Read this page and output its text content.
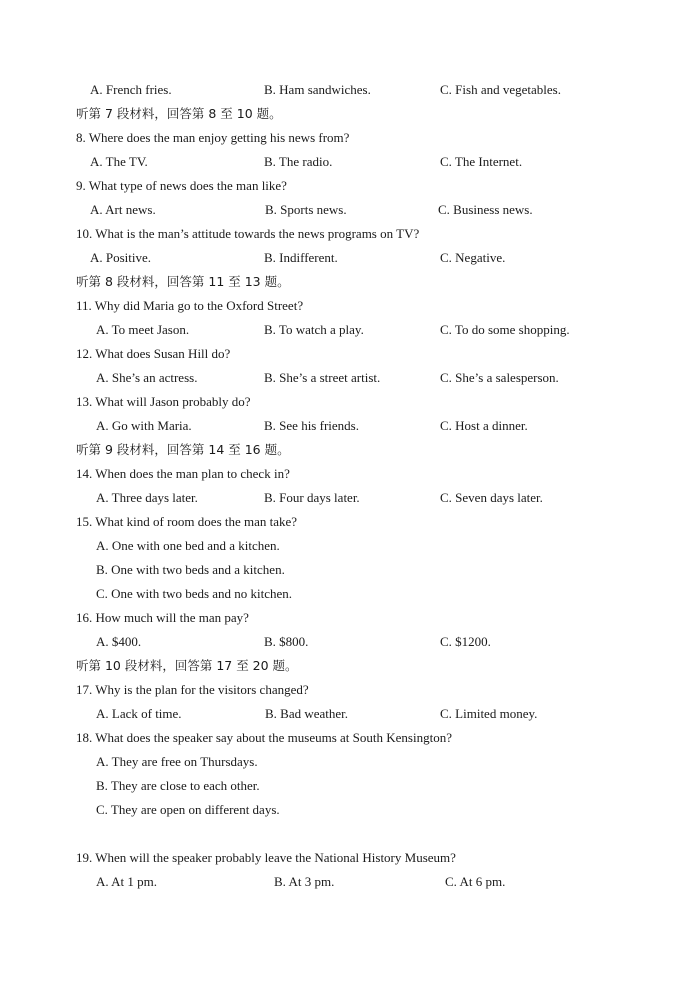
A. French fries.	B. Ham sandwiches.	C. Fish and vegetables.
听第 7 段材料，回答第 8 至 10 题。
8. Where does the man enjoy getting his news from?
A. The TV.	B. The radio.	C. The Internet.
9. What type of news does the man like?
A. Art news.	B. Sports news.	C. Business news.
10. What is the man’s attitude towards the news programs on TV?
A. Positive.	B. Indifferent.	C. Negative.
听第 8 段材料，回答第 11 至 13 题。
11. Why did Maria go to the Oxford Street?
A. To meet Jason.	B. To watch a play.	C. To do some shopping.
12. What does Susan Hill do?
A. She’s an actress.	B. She’s a street artist.	C. She’s a salesperson.
13. What will Jason probably do?
A. Go with Maria.	B. See his friends.	C. Host a dinner.
听第 9 段材料，回答第 14 至 16 题。
14. When does the man plan to check in?
A. Three days later.	B. Four days later.	C. Seven days later.
15. What kind of room does the man take?
A. One with one bed and a kitchen.
B. One with two beds and a kitchen.
C. One with two beds and no kitchen.
16. How much will the man pay?
A. $400.	B. $800.	C. $1200.
听第 10 段材料，回答第 17 至 20 题。
17. Why is the plan for the visitors changed?
A. Lack of time.	B. Bad weather.	C. Limited money.
18. What does the speaker say about the museums at South Kensington?
A. They are free on Thursdays.
B. They are close to each other.
C. They are open on different days.
19. When will the speaker probably leave the National History Museum?
A. At 1 pm.	B. At 3 pm.	C. At 6 pm.
